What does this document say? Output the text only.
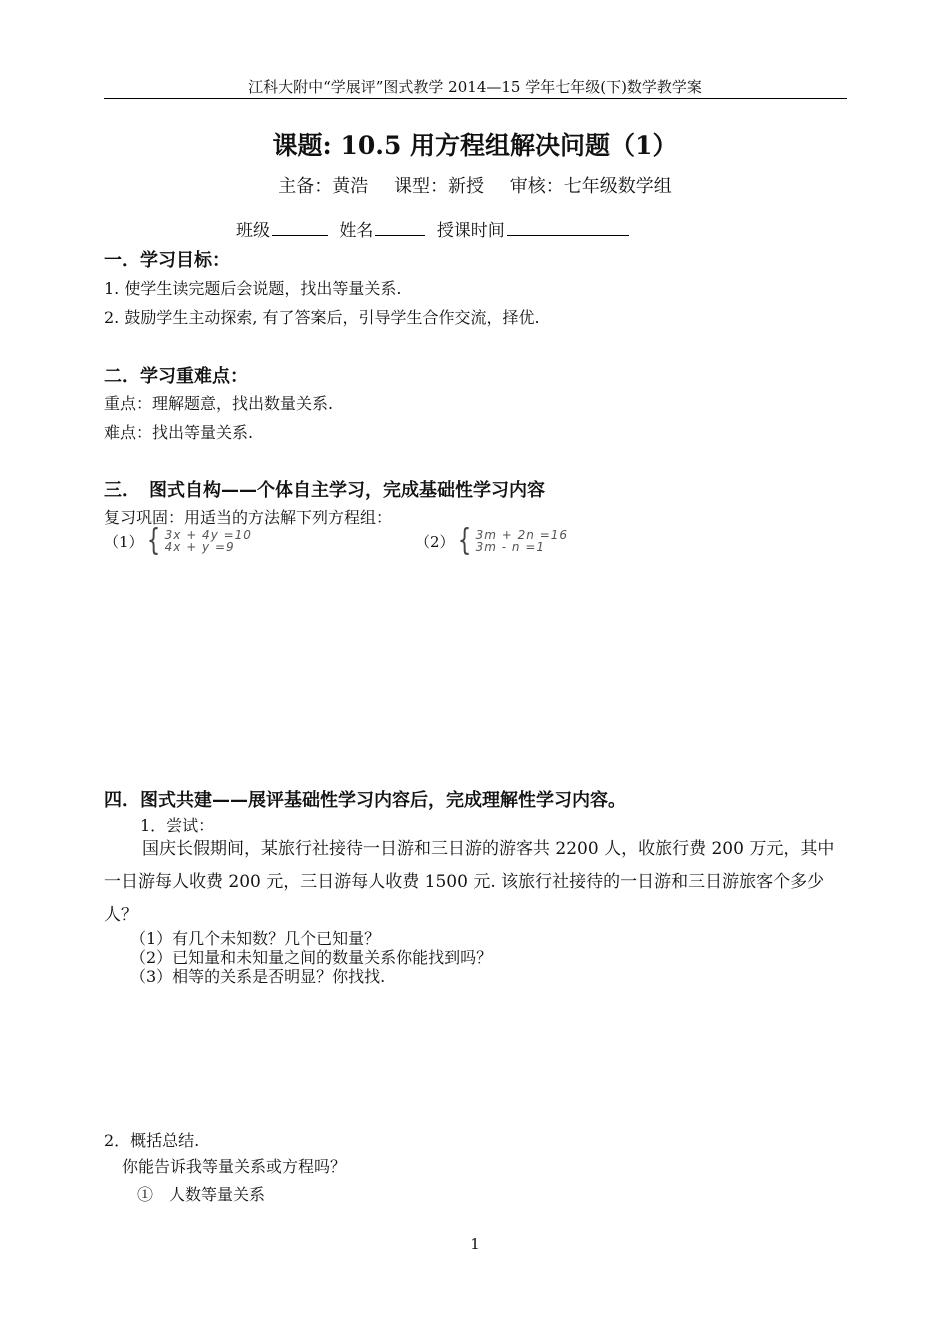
江科大附中“学展评”图式教学 2014—15 学年七年级(下)数学教学案
课题: 10.5 用方程组解决问题（1）
主备：黄浩 课型：新授 审核：七年级数学组
班级	姓名	授课时间
一．学习目标：
1. 使学生读完题后会说题，找出等量关系.
2. 鼓励学生主动探索, 有了答案后，引导学生合作交流，择优.
二．学习重难点：
重点：理解题意，找出数量关系.
难点：找出等量关系.
三．　图式自构——个体自主学习，完成基础性学习内容
复习巩固：用适当的方法解下列方程组：
（1） { 3x + 4y =10
4x + y =9	（2） { 3m + 2n =16
3m - n =1
四．图式共建——展评基础性学习内容后，完成理解性学习内容。
1．尝试：
国庆长假期间，某旅行社接待一日游和三日游的游客共 2200 人，收旅行费 200 万元，其中一日游每人收费 200 元，三日游每人收费 1500 元. 该旅行社接待的一日游和三日游旅客个多少人？
（1）有几个未知数？几个已知量？
（2）已知量和未知量之间的数量关系你能找到吗？
（3）相等的关系是否明显？你找找.
2．概括总结.
你能告诉我等量关系或方程吗？
①　人数等量关系
1
